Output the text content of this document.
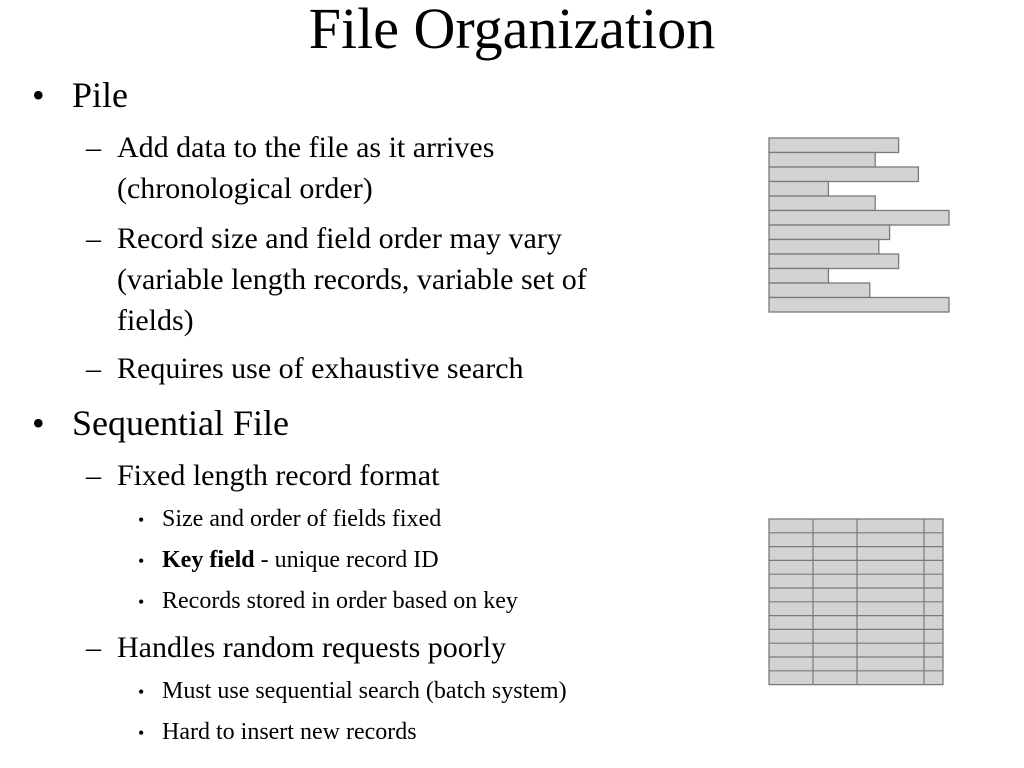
File Organization
• Pile
– Add data to the file as it arrives (chronological order)
– Record size and field order may vary (variable length records, variable set of fields)
– Requires use of exhaustive search
• Sequential File
– Fixed length record format
• Size and order of fields fixed
• Key field - unique record ID
• Records stored in order based on key
– Handles random requests poorly
• Must use sequential search (batch system)
• Hard to insert new records
